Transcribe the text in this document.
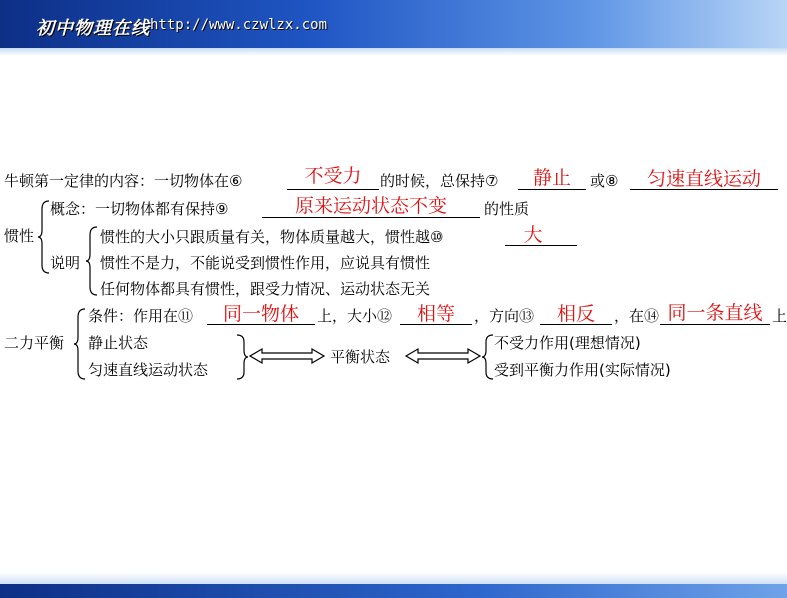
初中物理在线 http://www.czwlzx.com
牛顿第一定律的内容：一切物体在⑥	不受力	的时候，总保持⑦	静止	或⑧	匀速直线运动
惯性
概念：一切物体都有保持⑨	原来运动状态不变	的性质
说明
惯性的大小只跟质量有关，物体质量越大，惯性越⑩	大
惯性不是力，不能说受到惯性作用，应说具有惯性
任何物体都具有惯性，跟受力情况、运动状态无关
二力平衡
条件：作用在⑪	同一物体	上，大小⑫	相等	，方向⑬	相反	，在⑭ 同一条直线 上
静止状态
匀速直线运动状态
平衡状态
不受力作用(理想情况)
受到平衡力作用(实际情况)
